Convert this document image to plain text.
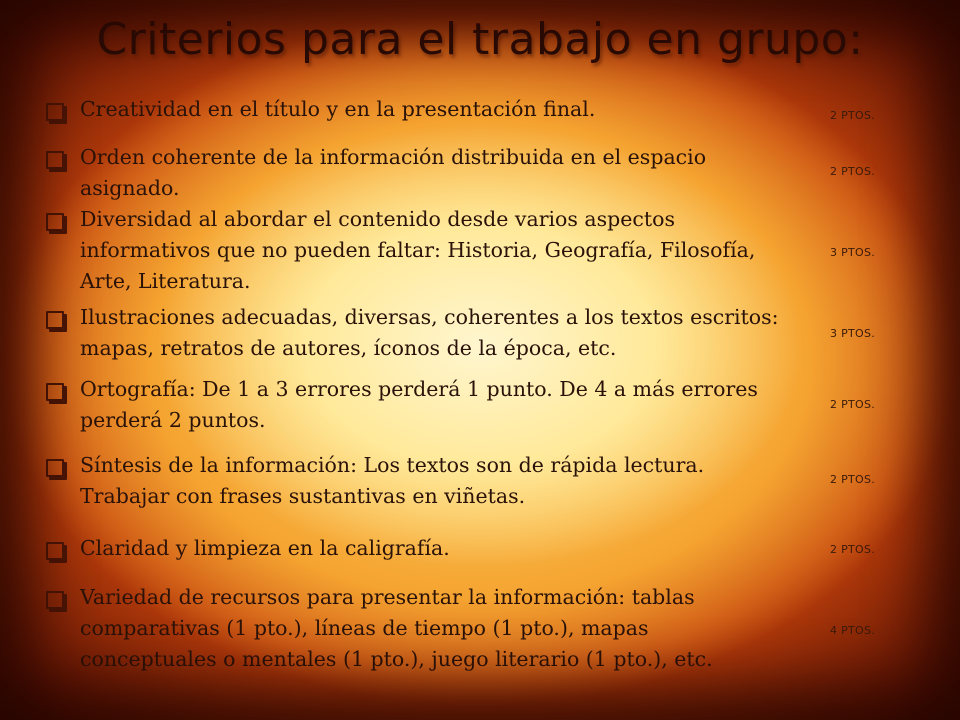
Criterios para el trabajo en grupo:
Creatividad en el título y en la presentación final.	2 PTOS.
Orden coherente de la información distribuida en el espacio asignado.
2 PTOS.
Diversidad al abordar el contenido desde varios aspectos informativos que no pueden faltar: Historia, Geografía, Filosofía, Arte, Literatura.
3 PTOS.
Ilustraciones adecuadas, diversas, coherentes a los textos escritos: mapas, retratos de autores, íconos de la época, etc.
3 PTOS.
Ortografía: De 1 a 3 errores perderá 1 punto. De 4 a más errores perderá 2 puntos.
2 PTOS.
Síntesis de la información: Los textos son de rápida lectura. Trabajar con frases sustantivas en viñetas.
2 PTOS.
Claridad y limpieza en la caligrafía.	2 PTOS.
Variedad de recursos para presentar la información: tablas comparativas (1 pto.), líneas de tiempo (1 pto.), mapas conceptuales o mentales (1 pto.), juego literario (1 pto.), etc.
4 PTOS.
